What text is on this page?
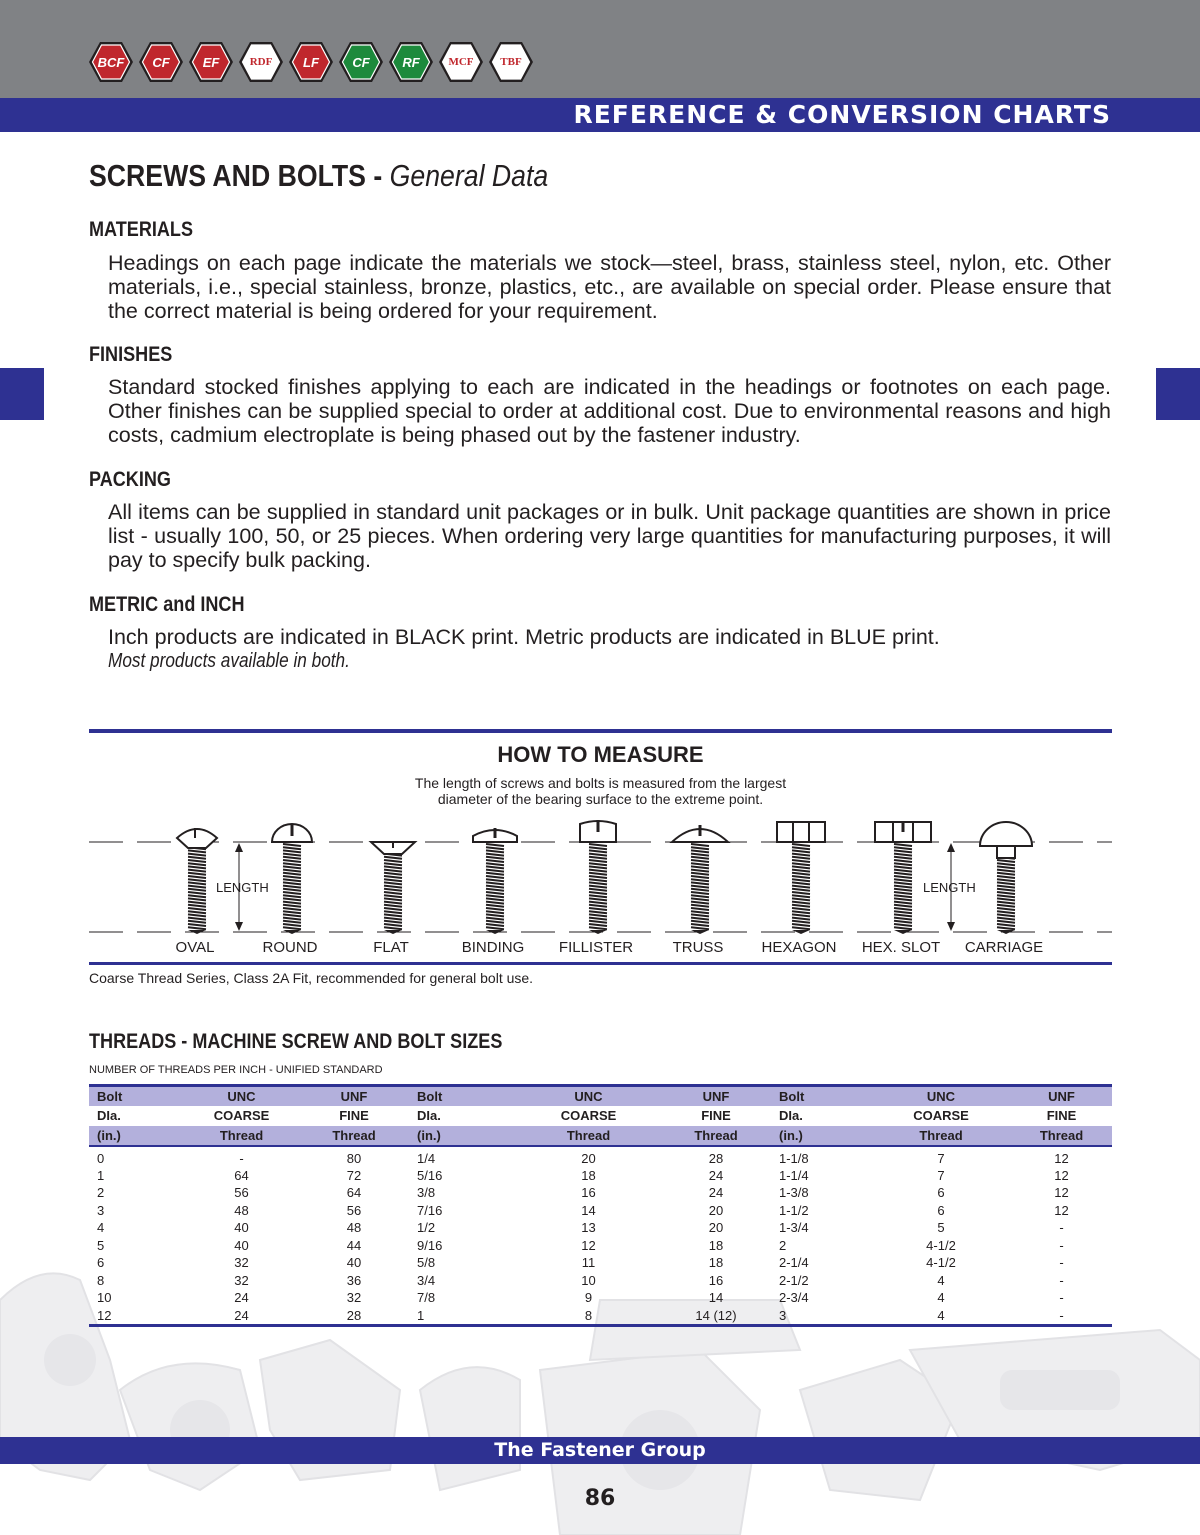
BCF	CF	EF	RDF	LF	CF	RF	MCF	TBF
REFERENCE & CONVERSION CHARTS
SCREWS AND BOLTS - General Data
MATERIALS
Headings on each page indicate the materials we stock—steel, brass, stainless steel, nylon, etc. Other materials, i.e., special stainless, bronze, plastics, etc., are available on special order. Please ensure that the correct material is being ordered for your requirement.
FINISHES
Standard stocked finishes applying to each are indicated in the headings or footnotes on each page. Other finishes can be supplied special to order at additional cost. Due to environmental reasons and high costs, cadmium electroplate is being phased out by the fastener industry.
PACKING
All items can be supplied in standard unit packages or in bulk. Unit package quantities are shown in price list - usually 100, 50, or 25 pieces. When ordering very large quantities for manufacturing purposes, it will pay to specify bulk packing.
METRIC and INCH
Inch products are indicated in BLACK print. Metric products are indicated in BLUE print.
Most products available in both.
HOW TO MEASURE
The length of screws and bolts is measured from the largest
diameter of the bearing surface to the extreme point.
OVAL	ROUND	FLAT	BINDING	FILLISTER	TRUSS	HEXAGON	HEX. SLOT	CARRIAGE
LENGTH	LENGTH
Coarse Thread Series, Class 2A Fit, recommended for general bolt use.
THREADS - MACHINE SCREW AND BOLT SIZES
NUMBER OF THREADS PER INCH - UNIFIED STANDARD
Bolt	UNC	UNF	Bolt	UNC	UNF	Bolt	UNC	UNF
DIa.	COARSE	FINE	DIa.	COARSE	FINE	DIa.	COARSE	FINE
(in.)	Thread	Thread	(in.)	Thread	Thread	(in.)	Thread	Thread
0	-	80	1/4	20	28	1-1/8	7	12
1	64	72	5/16	18	24	1-1/4	7	12
2	56	64	3/8	16	24	1-3/8	6	12
3	48	56	7/16	14	20	1-1/2	6	12
4	40	48	1/2	13	20	1-3/4	5	-
5	40	44	9/16	12	18	2	4-1/2	-
6	32	40	5/8	11	18	2-1/4	4-1/2	-
8	32	36	3/4	10	16	2-1/2	4	-
10	24	32	7/8	9	14	2-3/4	4	-
12	24	28	1	8	14 (12)	3	4	-
The Fastener Group
86
